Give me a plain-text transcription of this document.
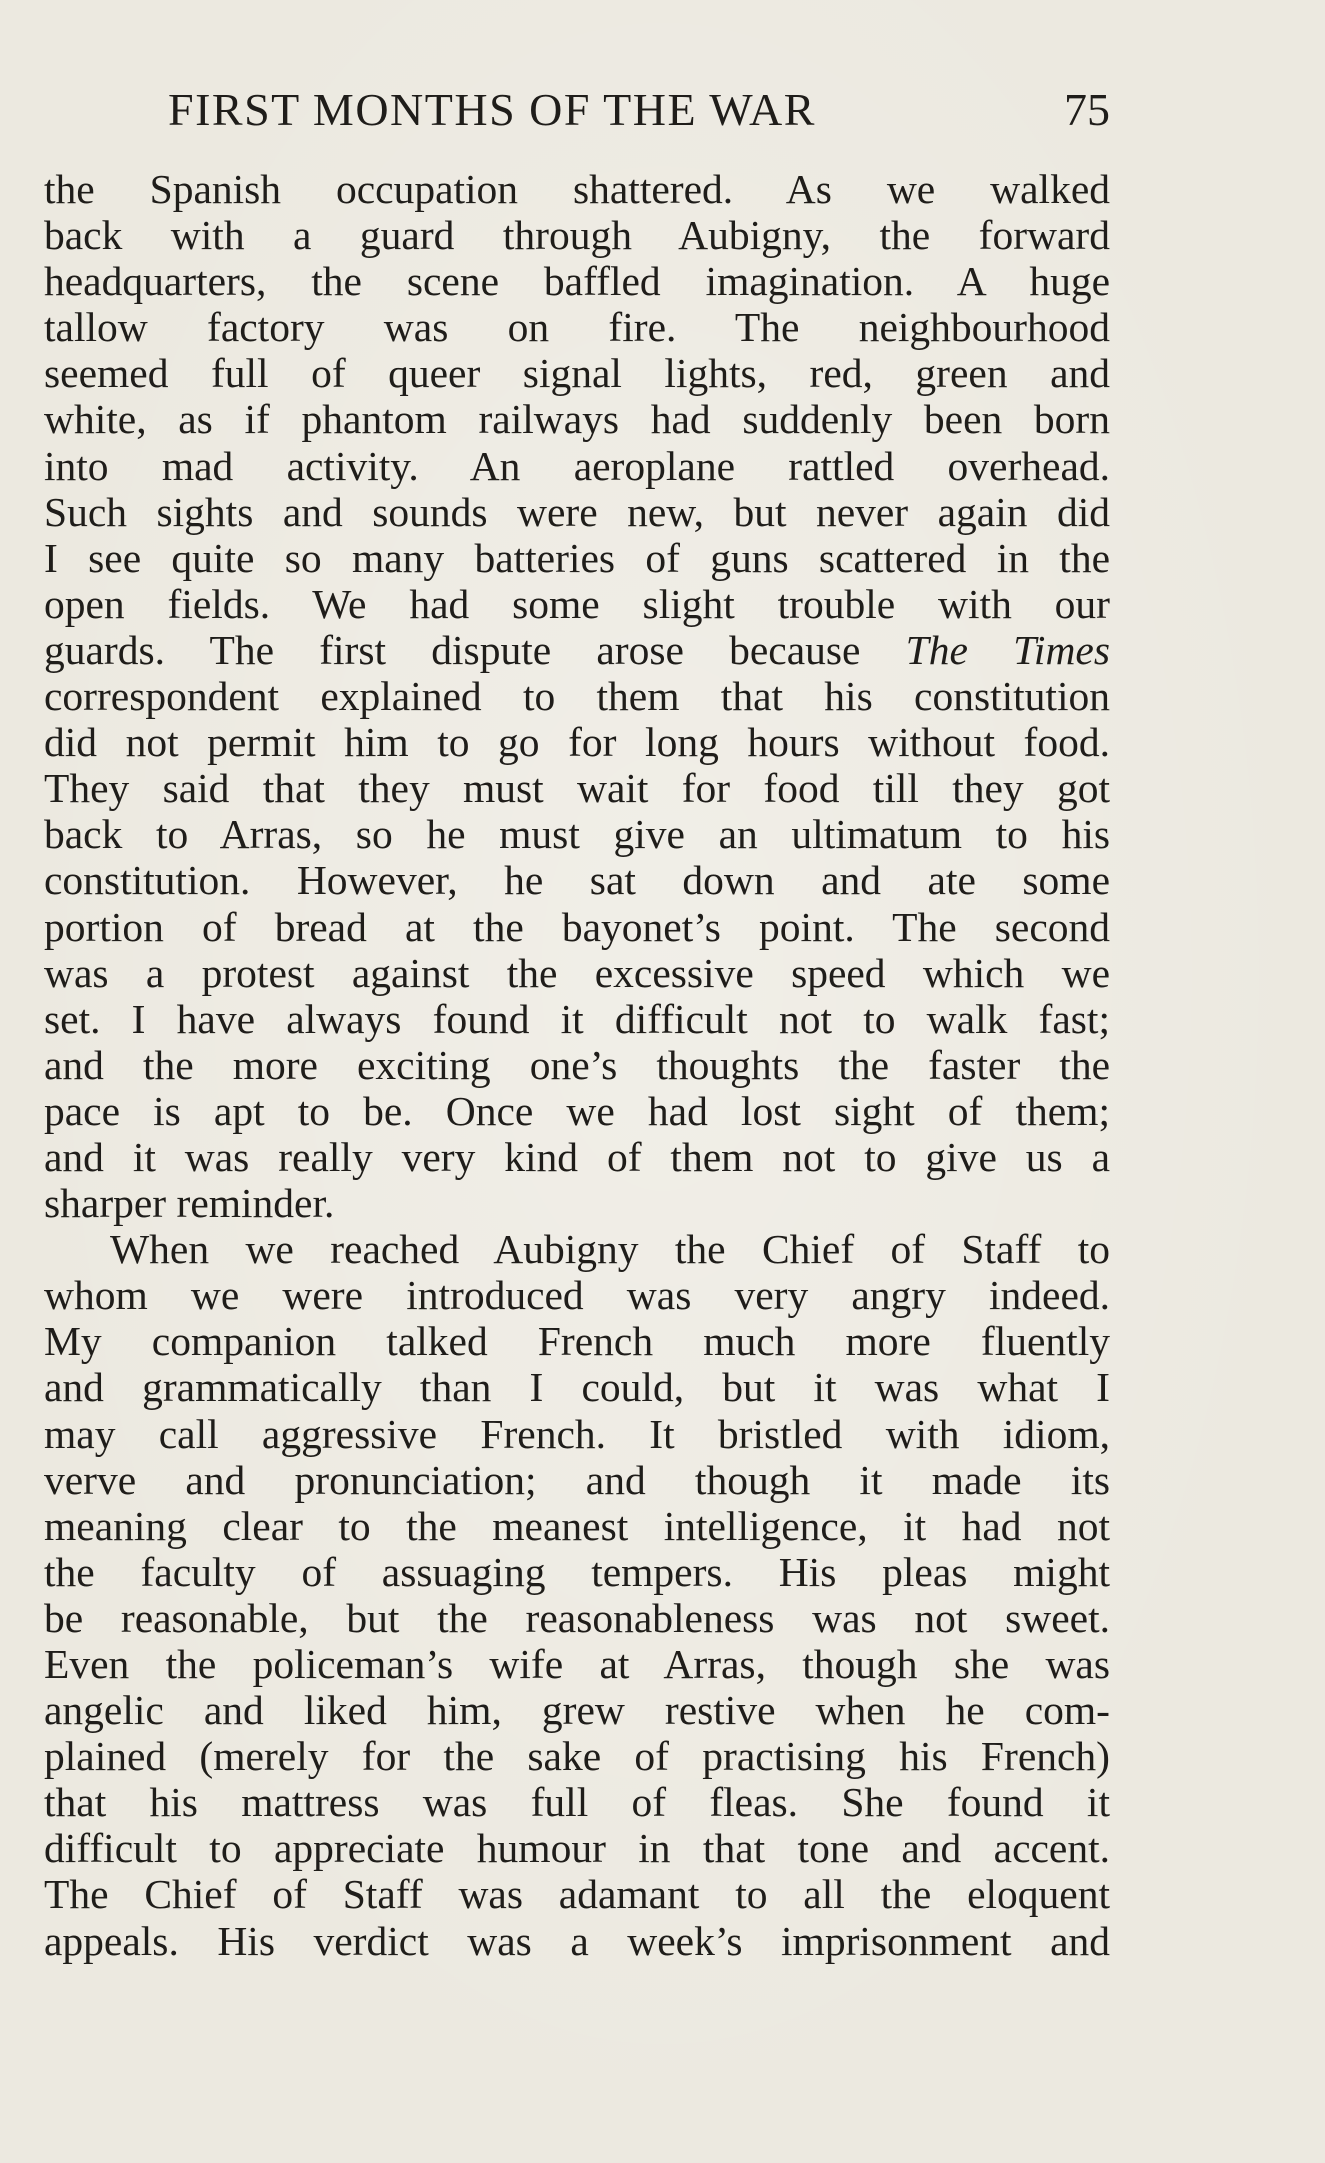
FIRST MONTHS OF THE WAR	75
the Spanish occupation shattered. As we walked
back with a guard through Aubigny, the forward
headquarters, the scene baffled imagination. A huge
tallow factory was on fire. The neighbourhood
seemed full of queer signal lights, red, green and
white, as if phantom railways had suddenly been born
into mad activity. An aeroplane rattled overhead.
Such sights and sounds were new, but never again did
I see quite so many batteries of guns scattered in the
open fields. We had some slight trouble with our
guards. The first dispute arose because The Times
correspondent explained to them that his constitution
did not permit him to go for long hours without food.
They said that they must wait for food till they got
back to Arras, so he must give an ultimatum to his
constitution. However, he sat down and ate some
portion of bread at the bayonet’s point. The second
was a protest against the excessive speed which we
set. I have always found it difficult not to walk fast;
and the more exciting one’s thoughts the faster the
pace is apt to be. Once we had lost sight of them;
and it was really very kind of them not to give us a
sharper reminder.
When we reached Aubigny the Chief of Staff to
whom we were introduced was very angry indeed.
My companion talked French much more fluently
and grammatically than I could, but it was what I
may call aggressive French. It bristled with idiom,
verve and pronunciation; and though it made its
meaning clear to the meanest intelligence, it had not
the faculty of assuaging tempers. His pleas might
be reasonable, but the reasonableness was not sweet.
Even the policeman’s wife at Arras, though she was
angelic and liked him, grew restive when he com-
plained (merely for the sake of practising his French)
that his mattress was full of fleas. She found it
difficult to appreciate humour in that tone and accent.
The Chief of Staff was adamant to all the eloquent
appeals. His verdict was a week’s imprisonment and
